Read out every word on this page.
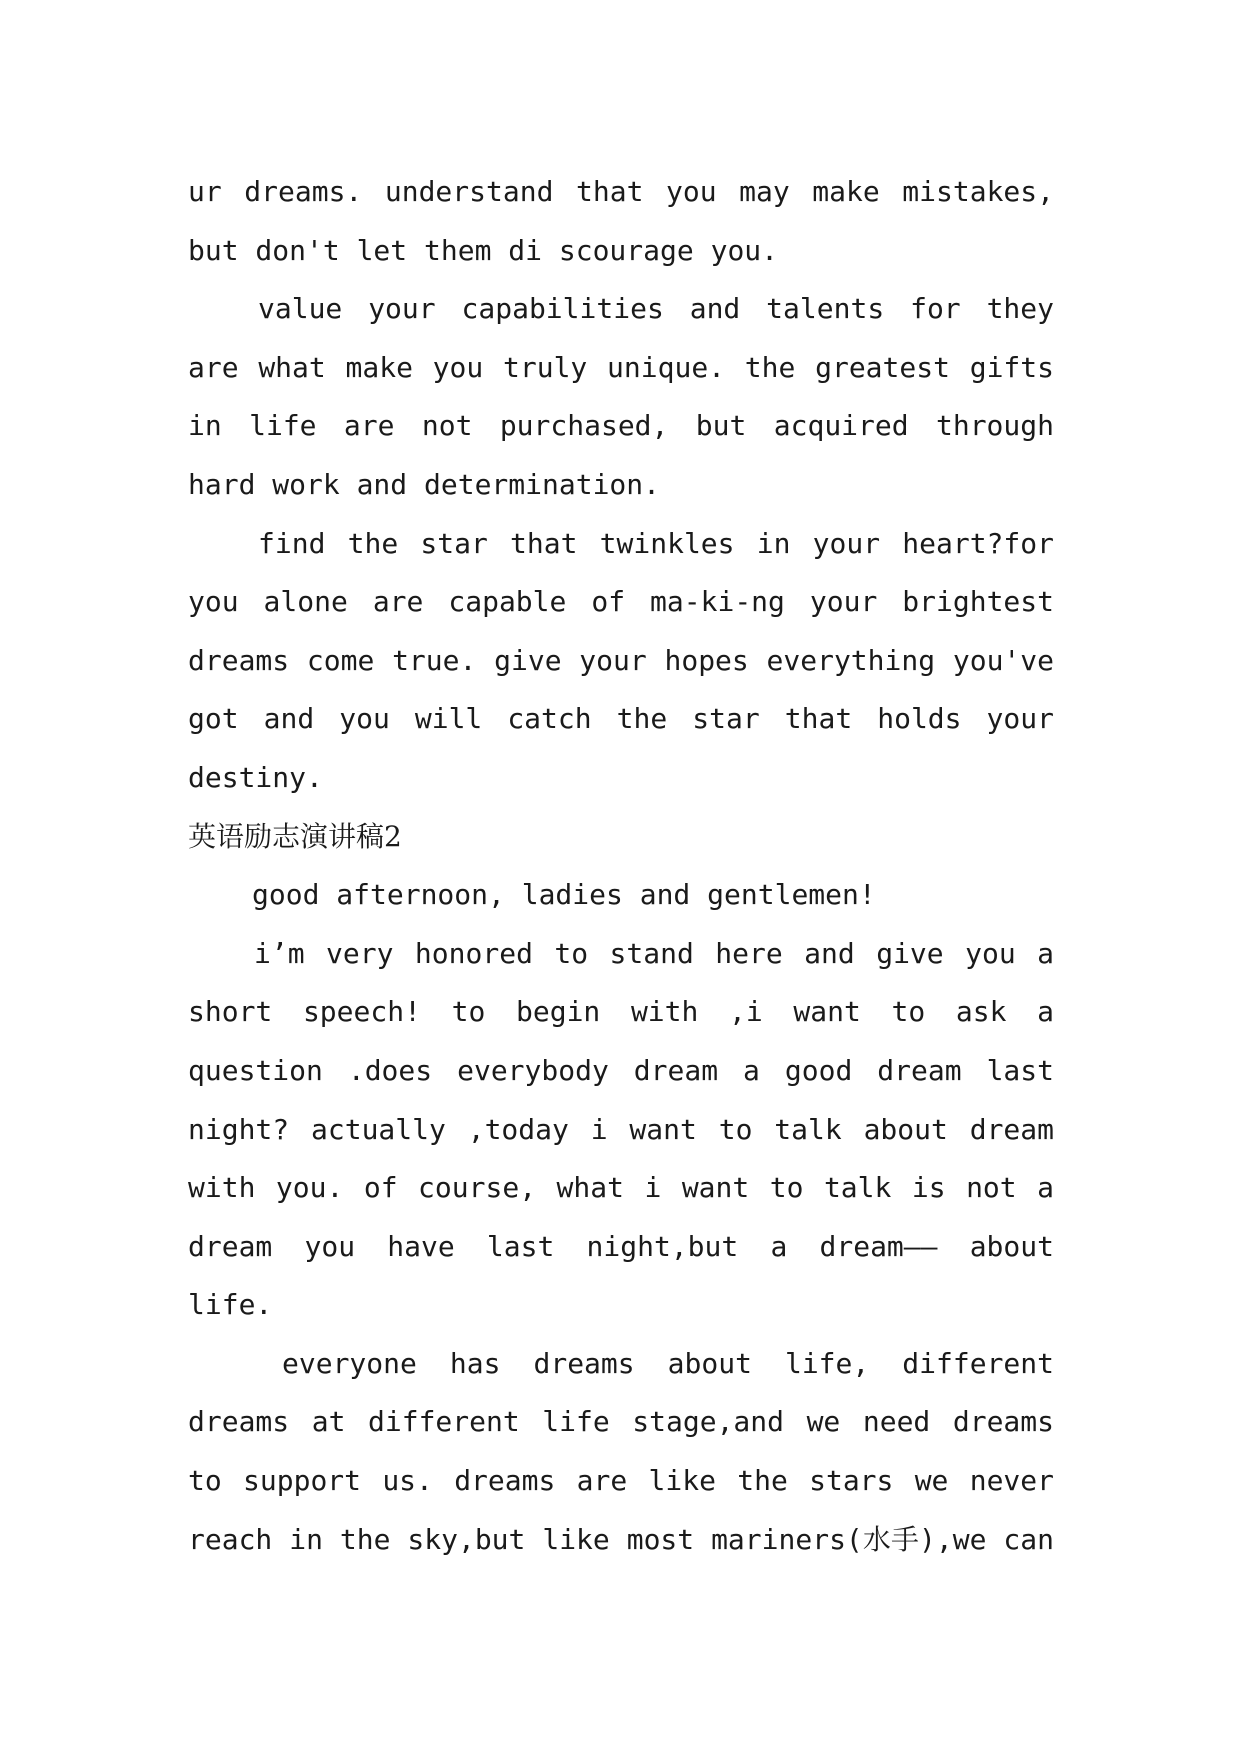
ur dreams. understand that you may make mistakes,
but don't let them di scourage you.
value your capabilities and talents for they
are what make you truly unique. the greatest gifts
in life are not purchased, but acquired through
hard work and determination.
find the star that twinkles in your heart?for
you alone are capable of ma-ki-ng your brightest
dreams come true. give your hopes everything you've
got and you will catch the star that holds your
destiny.
英语励志演讲稿2
good afternoon, ladies and gentlemen!
i’m very honored to stand here and give you a
short speech! to begin with ,i want to ask a
question .does everybody dream a good dream last
night? actually ,today i want to talk about dream
with you. of course, what i want to talk is not a
dream you have last night,but a dream—— about
life.
everyone has dreams about life, different
dreams at different life stage,and we need dreams
to support us. dreams are like the stars we never
reach in the sky,but like most mariners(水手),we can
